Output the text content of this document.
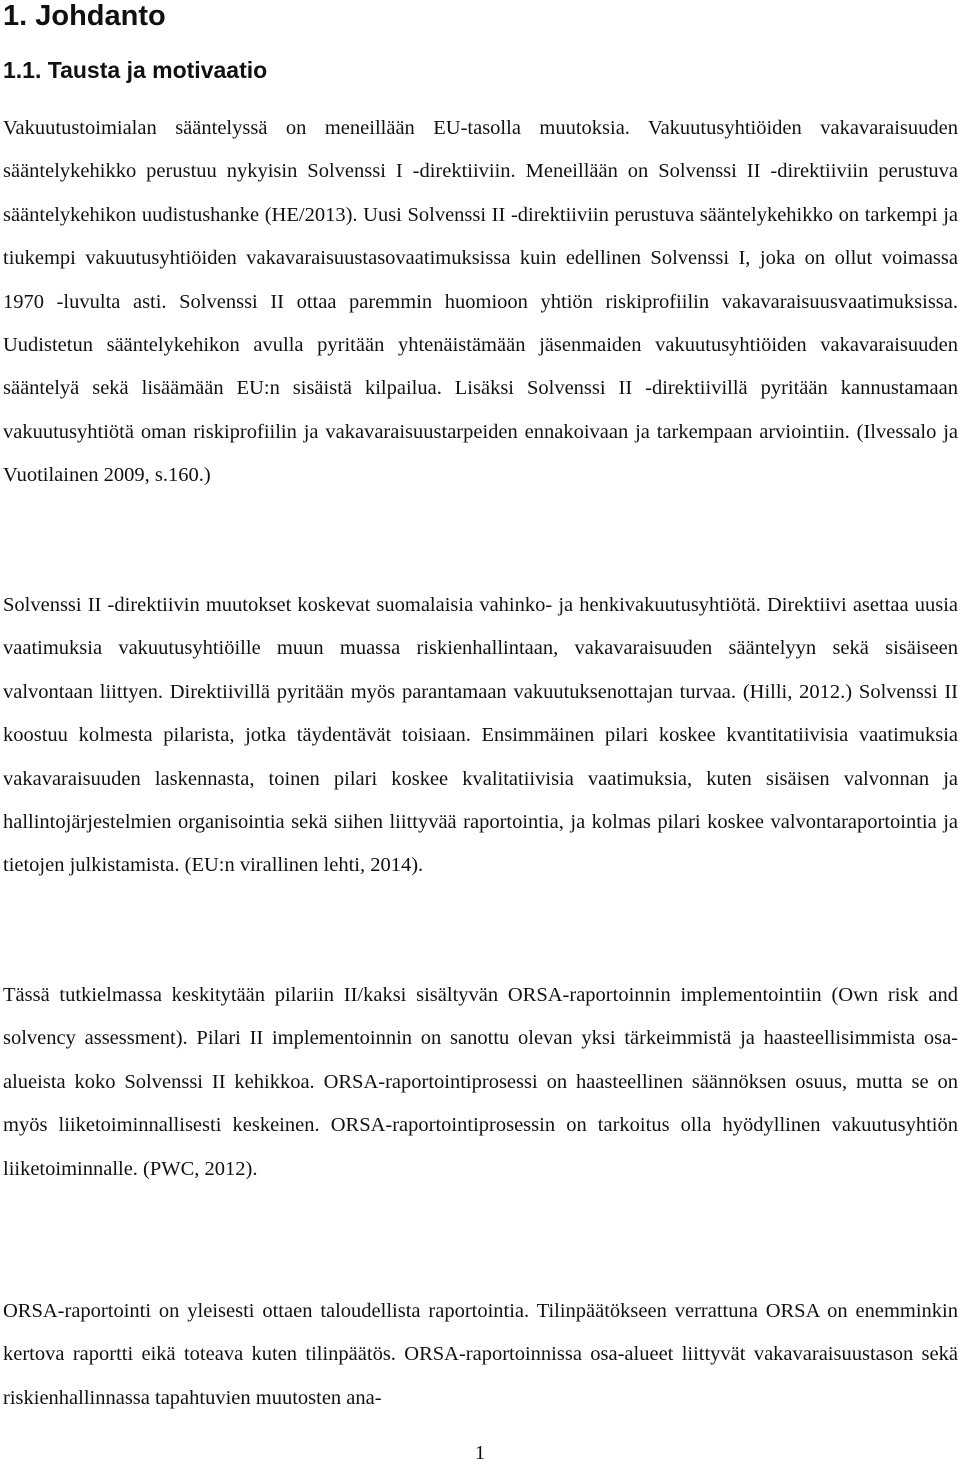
1. Johdanto
1.1. Tausta ja motivaatio

Vakuutustoimialan sääntelyssä on meneillään EU-tasolla muutoksia. Vakuutusyhtiöiden vakavaraisuuden sääntelykehikko perustuu nykyisin Solvenssi I -direktiiviin. Meneillään on Solvenssi II -direktiiviin perustuva sääntelykehikon uudistushanke (HE/2013). Uusi Solvenssi II -direktiiviin perustuva sääntelykehikko on tarkempi ja tiukempi vakuutusyhtiöiden vakavaraisuustasovaatimuksissa kuin edellinen Solvenssi I, joka on ollut voimassa 1970 -luvulta asti. Solvenssi II ottaa paremmin huomioon yhtiön riskiprofiilin vakavaraisuusvaatimuksissa. Uudistetun sääntelykehikon avulla pyritään yhtenäistämään jäsenmaiden vakuutusyhtiöiden vakavaraisuuden sääntelyä sekä lisäämään EU:n sisäistä kilpailua. Lisäksi Solvenssi II -direktiivillä pyritään kannustamaan vakuutusyhtiötä oman riskiprofiilin ja vakavaraisuustarpeiden ennakoivaan ja tarkempaan arviointiin. (Ilvessalo ja Vuotilainen 2009, s.160.)

Solvenssi II -direktiivin muutokset koskevat suomalaisia vahinko- ja henkivakuutusyhtiötä. Direktiivi asettaa uusia vaatimuksia vakuutusyhtiöille muun muassa riskienhallintaan, vakavaraisuuden sääntelyyn sekä sisäiseen valvontaan liittyen. Direktiivillä pyritään myös parantamaan vakuutuksenottajan turvaa. (Hilli, 2012.) Solvenssi II koostuu kolmesta pilarista, jotka täydentävät toisiaan. Ensimmäinen pilari koskee kvantitatiivisia vaatimuksia vakavaraisuuden laskennasta, toinen pilari koskee kvalitatiivisia vaatimuksia, kuten sisäisen valvonnan ja hallintojärjestelmien organisointia sekä siihen liittyvää raportointia, ja kolmas pilari koskee valvontaraportointia ja tietojen julkistamista. (EU:n virallinen lehti, 2014).

Tässä tutkielmassa keskitytään pilariin II/kaksi sisältyvän ORSA-raportoinnin implementointiin (Own risk and solvency assessment). Pilari II implementoinnin on sanottu olevan yksi tärkeimmistä ja haasteellisimmista osa-alueista koko Solvenssi II kehikkoa. ORSA-raportointiprosessi on haasteellinen säännöksen osuus, mutta se on myös liiketoiminnallisesti keskeinen. ORSA-raportointiprosessin on tarkoitus olla hyödyllinen vakuutusyhtiön liiketoiminnalle. (PWC, 2012).

ORSA-raportointi on yleisesti ottaen taloudellista raportointia. Tilinpäätökseen verrattuna ORSA on enemminkin kertova raportti eikä toteava kuten tilinpäätös. ORSA-raportoinnissa osa-alueet liittyvät vakavaraisuustason sekä riskienhallinnassa tapahtuvien muutosten ana-

1
